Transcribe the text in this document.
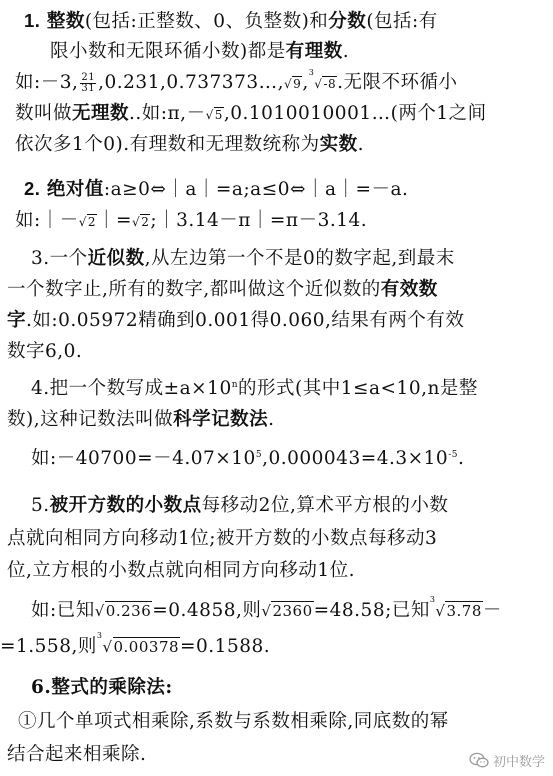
1. 整数(包括:正整数、0、负整数)和分数(包括:有
限小数和无限环循小数)都是有理数.
如:－3, $\frac{21}{31}$ ,0.231,0.737373…,√9,$^3$√-8.无限不环循小
数叫做无理数..如:π,－√5,0.1010010001…(两个1之间
依次多1个0).有理数和无理数统称为实数.
2. 绝对值:a≥0⇔｜a｜=a;a≤0⇔｜a｜=－a.
如:｜－√2｜=√2;｜3.14－π｜=π－3.14.
3.一个近似数,从左边第一个不是0的数字起,到最末
一个数字止,所有的数字,都叫做这个近似数的有效数
字.如:0.05972精确到0.001得0.060,结果有两个有效
数字6,0.
4.把一个数写成$\pm a\times 10^n$的形式(其中1≤a<10,n是整
数),这种记数法叫做科学记数法.
如$:-40700=-4.07\times 10^5,0.000043=4.3\times 10^{-5}$.
5.被开方数的小数点每移动2位,算术平方根的小数
点就向相同方向移动1位;被开方数的小数点每移动3
位,立方根的小数点就向相同方向移动1位.
如:已知√0.236=0.4858,则√2360=48.58;已知$^3$√3.78－
=1.558,则$^3$√0.00378=0.1588.
6.整式的乘除法:
①几个单项式相乘除,系数与系数相乘除,同底数的幂
结合起来相乘除.	初中数学
